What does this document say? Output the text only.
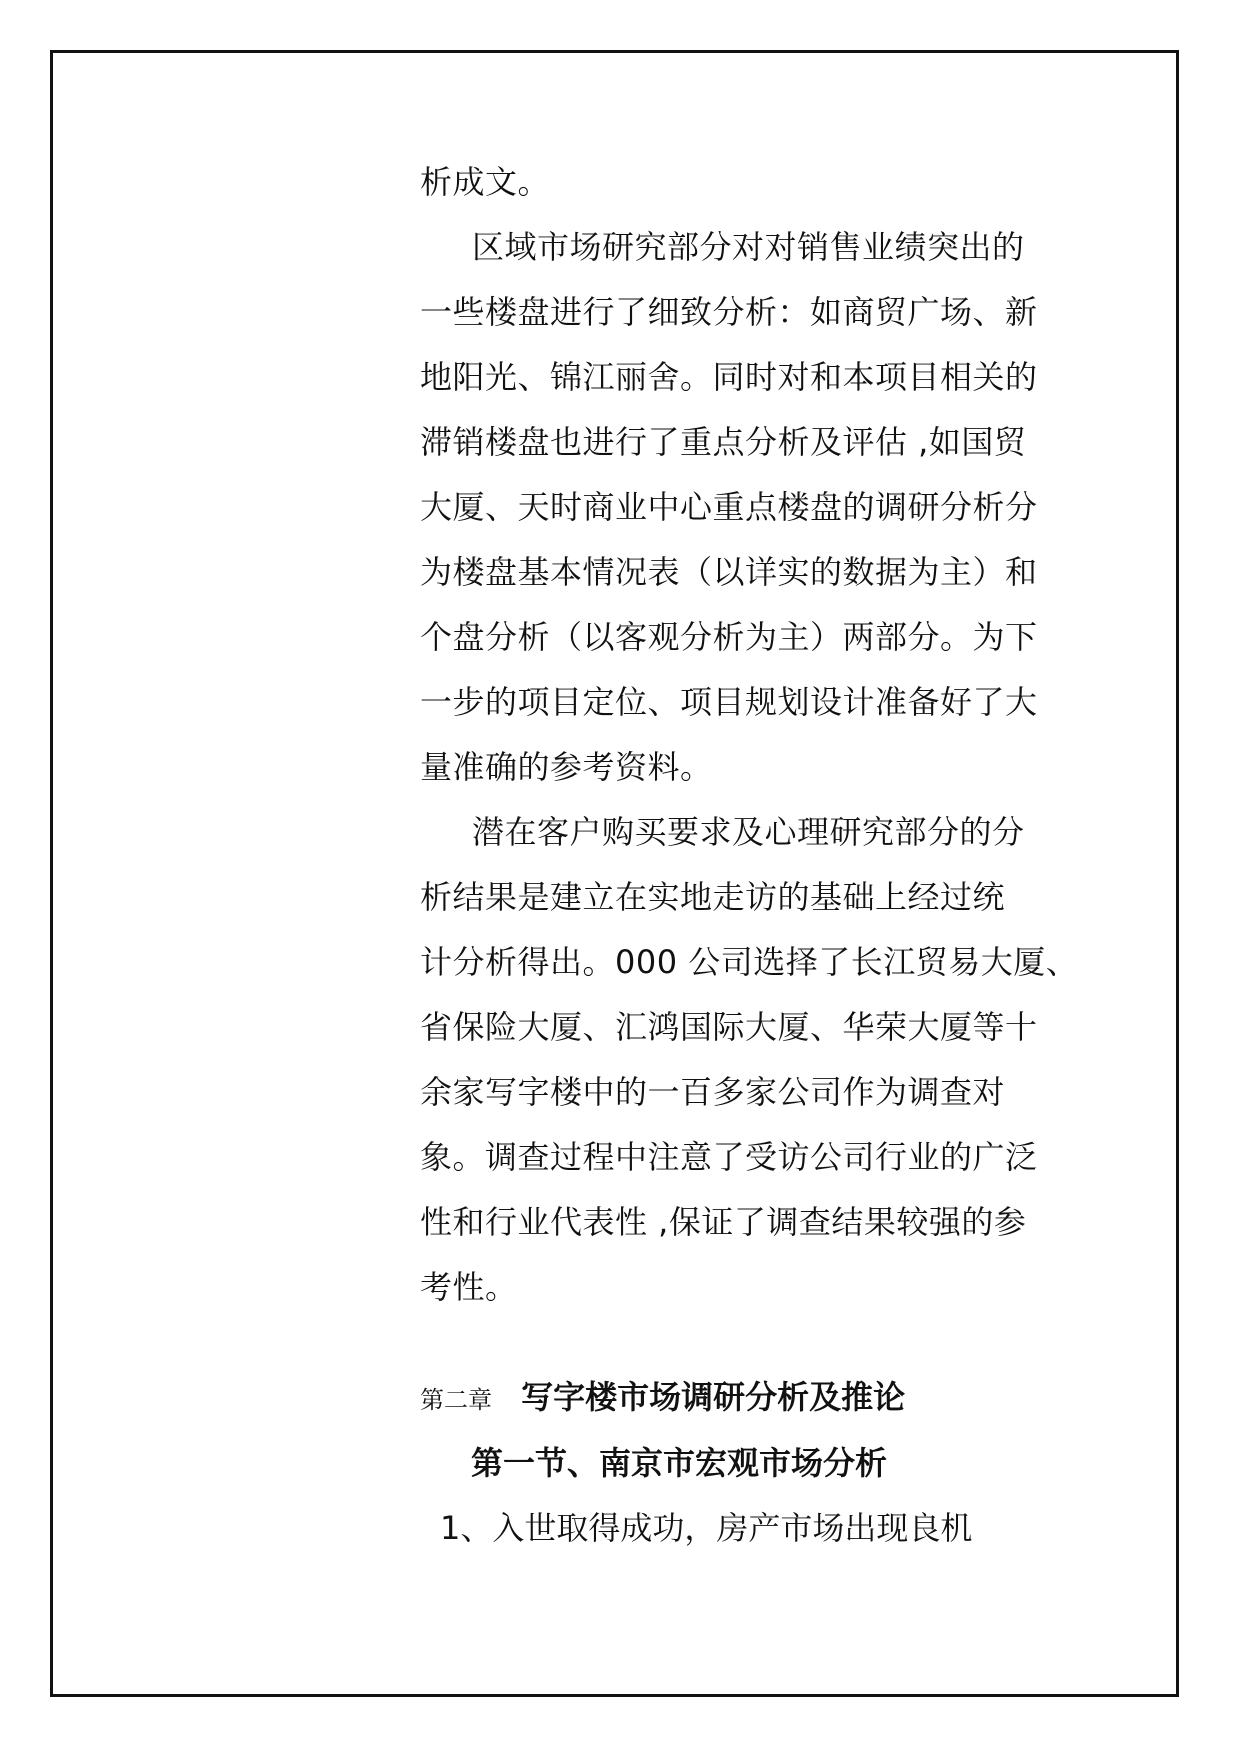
析成文。
区域市场研究部分对对销售业绩突出的
一些楼盘进行了细致分析：如商贸广场、新
地阳光、锦江丽舍。同时对和本项目相关的
滞销楼盘也进行了重点分析及评估 ,如国贸
大厦、天时商业中心重点楼盘的调研分析分
为楼盘基本情况表（以详实的数据为主）和
个盘分析（以客观分析为主）两部分。为下
一步的项目定位、项目规划设计准备好了大
量准确的参考资料。
潜在客户购买要求及心理研究部分的分
析结果是建立在实地走访的基础上经过统
计分析得出。000 公司选择了长江贸易大厦、
省保险大厦、汇鸿国际大厦、华荣大厦等十
余家写字楼中的一百多家公司作为调查对
象。调查过程中注意了受访公司行业的广泛
性和行业代表性 ,保证了调查结果较强的参
考性。
第二章 写字楼市场调研分析及推论
第一节、南京市宏观市场分析
1、入世取得成功，房产市场出现良机
